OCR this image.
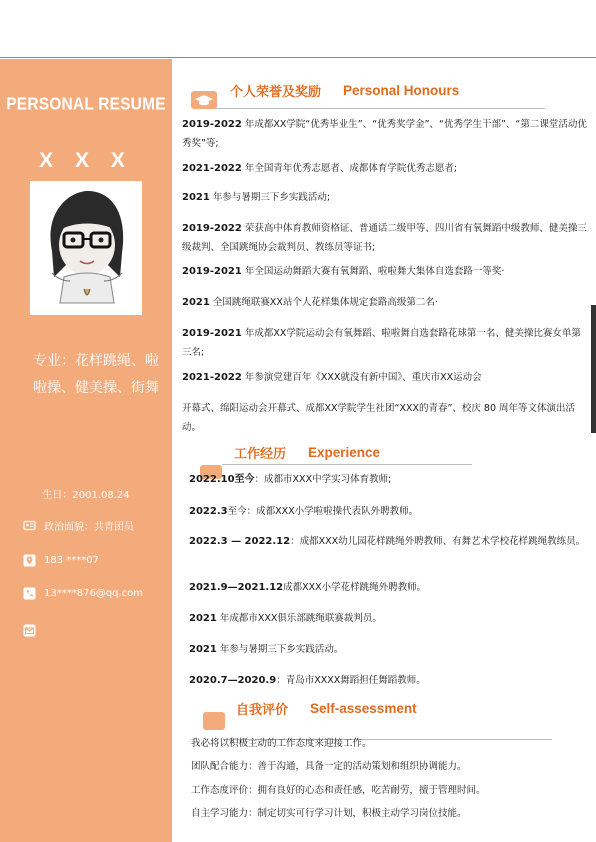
PERSONAL RESUME
X X X
专业：花样跳绳、啦啦操、健美操、街舞
生日：2001.08.24
政治面貌：共青团员
183 ****07
13****876@qq.com
个人荣誉及奖励 Personal Honours
2019-2022 年成都XX学院“优秀毕业生”、“优秀奖学金”、“优秀学生干部”、“第二课堂活动优秀奖”等;
2021-2022 年全国青年优秀志愿者、成都体育学院优秀志愿者;
2021 年参与暑期三下乡实践活动;
2019-2022 荣获高中体育教师资格证、普通话二级甲等、四川省有氧舞蹈中级教师、健美操三级裁判、全国跳绳协会裁判员、教练员等证书;
2019-2021 年全国运动舞蹈大赛有氧舞蹈、啦啦舞大集体自选套路一等奖·
2021 全国跳绳联赛XX站个人花样集体规定套路高级第二名·
2019-2021 年成都XX学院运动会有氧舞蹈、啦啦舞自选套路花球第一名、健美操比赛女单第三名;
2021-2022 年参演党建百年《XXX就没有新中国》、重庆市XX运动会
开幕式、绵阳运动会开幕式、成都XX学院学生社团“XXX的青春”、校庆 80 周年等文体演出活动。
工作经历 Experience
2022.10至今：成都市XXX中学实习体育教师;
2022.3至今：成都XXX小学啦啦操代表队外聘教师。
2022.3 — 2022.12：成都XXX幼儿园花样跳绳外聘教师、有舞艺术学校花样跳绳教练员。
2021.9—2021.12成都XXX小学花样跳绳外聘教师。
2021 年成都市XXX俱乐部跳绳联赛裁判员。
2021 年参与暑期三下乡实践活动。
2020.7—2020.9：青岛市XXXX舞蹈担任舞蹈教师。
自我评价 Self-assessment
我必将以积极主动的工作态度来迎接工作。
团队配合能力：善于沟通，具备一定的活动策划和组织协调能力。
工作态度评价：拥有良好的心态和责任感，吃苦耐劳，擅于管理时间。
自主学习能力：制定切实可行学习计划，积极主动学习岗位技能。
